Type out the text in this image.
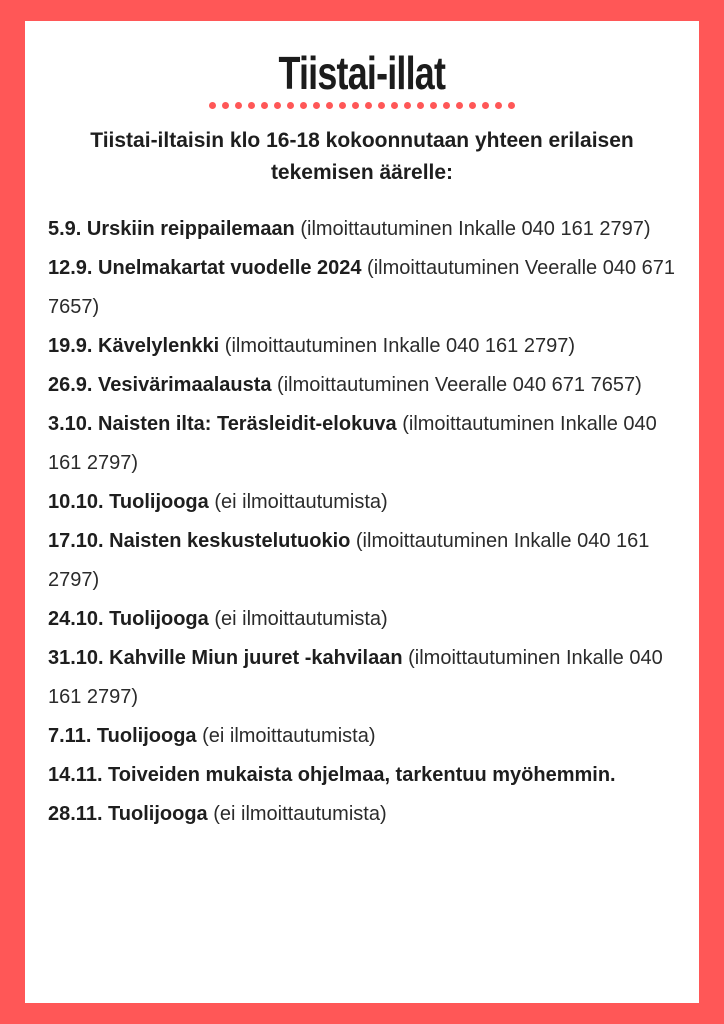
Tiistai-illat

Tiistai-iltaisin klo 16-18 kokoonnutaan yhteen erilaisen tekemisen äärelle:

5.9. Urskiin reippailemaan (ilmoittautuminen Inkalle 040 161 2797)

12.9. Unelmakartat vuodelle 2024 (ilmoittautuminen Veeralle 040 671 7657)

19.9. Kävelylenkki (ilmoittautuminen Inkalle 040 161 2797)

26.9. Vesivärimaalausta (ilmoittautuminen Veeralle 040 671 7657)

3.10. Naisten ilta: Teräsleidit-elokuva (ilmoittautuminen Inkalle 040 161 2797)

10.10. Tuolijooga (ei ilmoittautumista)

17.10. Naisten keskustelutuokio (ilmoittautuminen Inkalle 040 161 2797)

24.10. Tuolijooga (ei ilmoittautumista)

31.10. Kahville Miun juuret -kahvilaan (ilmoittautuminen Inkalle 040 161 2797)

7.11. Tuolijooga (ei ilmoittautumista)

14.11. Toiveiden mukaista ohjelmaa, tarkentuu myöhemmin.

28.11. Tuolijooga (ei ilmoittautumista)
